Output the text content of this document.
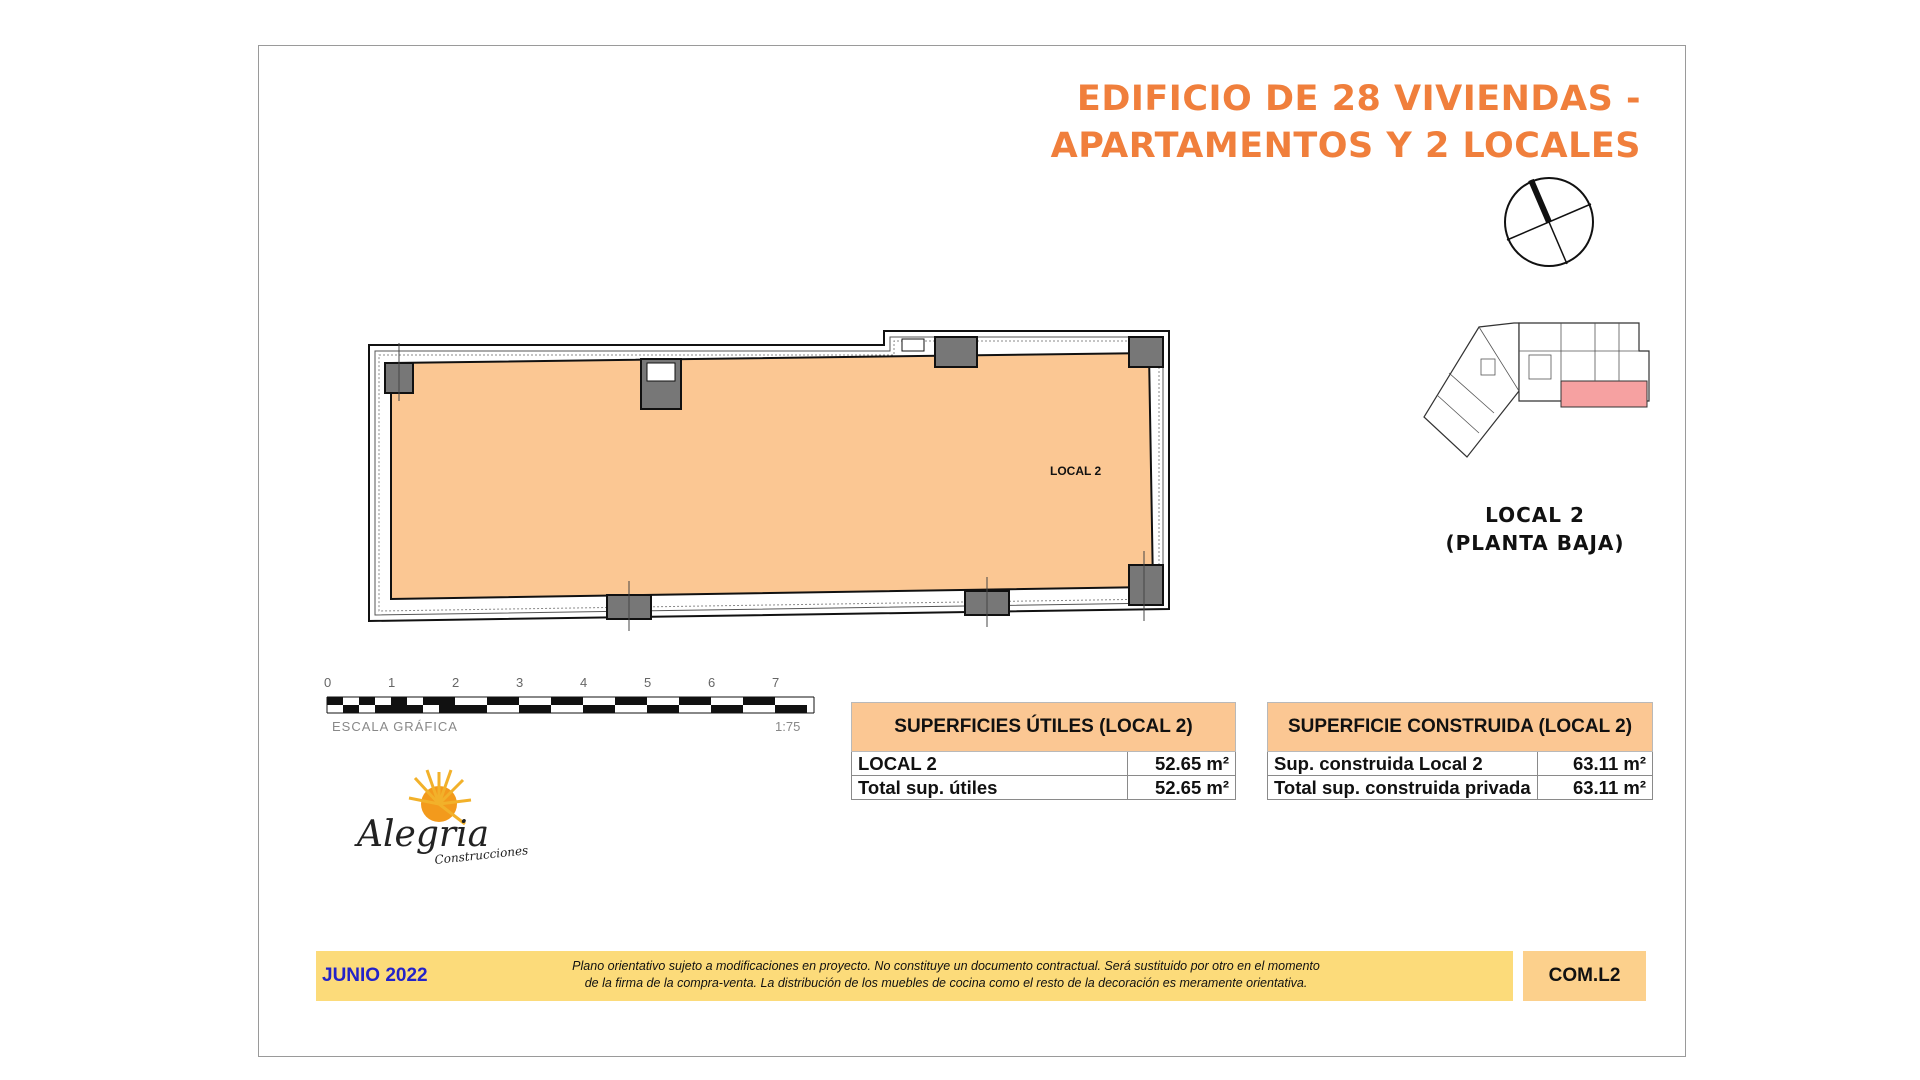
EDIFICIO DE 28 VIVIENDAS -
APARTAMENTOS Y 2 LOCALES
LOCAL 2
LOCAL 2
(PLANTA BAJA)
0	1	2	3	4	5	6	7
ESCALA GRÁFICA	1:75
Alegria
Construcciones
SUPERFICIES ÚTILES (LOCAL 2)	
LOCAL 2	52.65 m²
Total sup. útiles	52.65 m²
SUPERFICIE CONSTRUIDA (LOCAL 2)	
Sup. construida Local 2	63.11 m²
Total sup. construida privada	63.11 m²
JUNIO 2022	Plano orientativo sujeto a modificaciones en proyecto. No constituye un documento contractual. Será sustituido por otro en el momento
de la firma de la compra-venta. La distribución de los muebles de cocina como el resto de la decoración es meramente orientativa.	COM.L2
